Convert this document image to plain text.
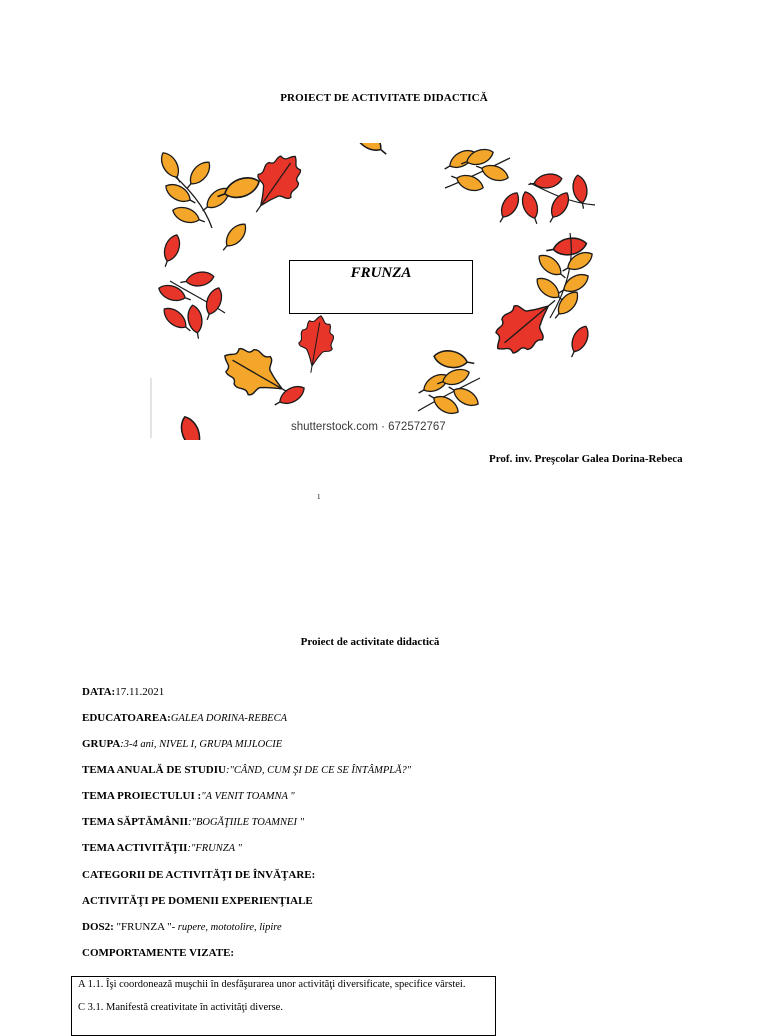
PROIECT DE ACTIVITATE DIDACTICĂ
FRUNZA
shutterstock.com · 672572767
Prof. inv. Preşcolar Galea Dorina-Rebeca
1
Proiect de activitate didactică
DATA:17.11.2021
EDUCATOAREA:GALEA DORINA-REBECA
GRUPA:3-4 ani, NIVEL I, GRUPA MIJLOCIE
TEMA ANUALĂ DE STUDIU:"CÂND, CUM ŞI DE CE SE ÎNTÂMPLĂ?"
TEMA PROIECTULUI :"A VENIT TOAMNA "
TEMA SĂPTĂMÂNII:"BOGĂŢIILE TOAMNEI "
TEMA ACTIVITĂŢII:"FRUNZA "
CATEGORII DE ACTIVITĂŢI DE ÎNVĂŢARE:
ACTIVITĂŢI PE DOMENII EXPERIENŢIALE
DOS2: "FRUNZA "- rupere, mototolire, lipire
COMPORTAMENTE VIZATE:
A 1.1. Îşi coordonează muşchii în desfăşurarea unor activităţi diversificate, specifice vârstei.
C 3.1. Manifestă creativitate în activităţi diverse.
